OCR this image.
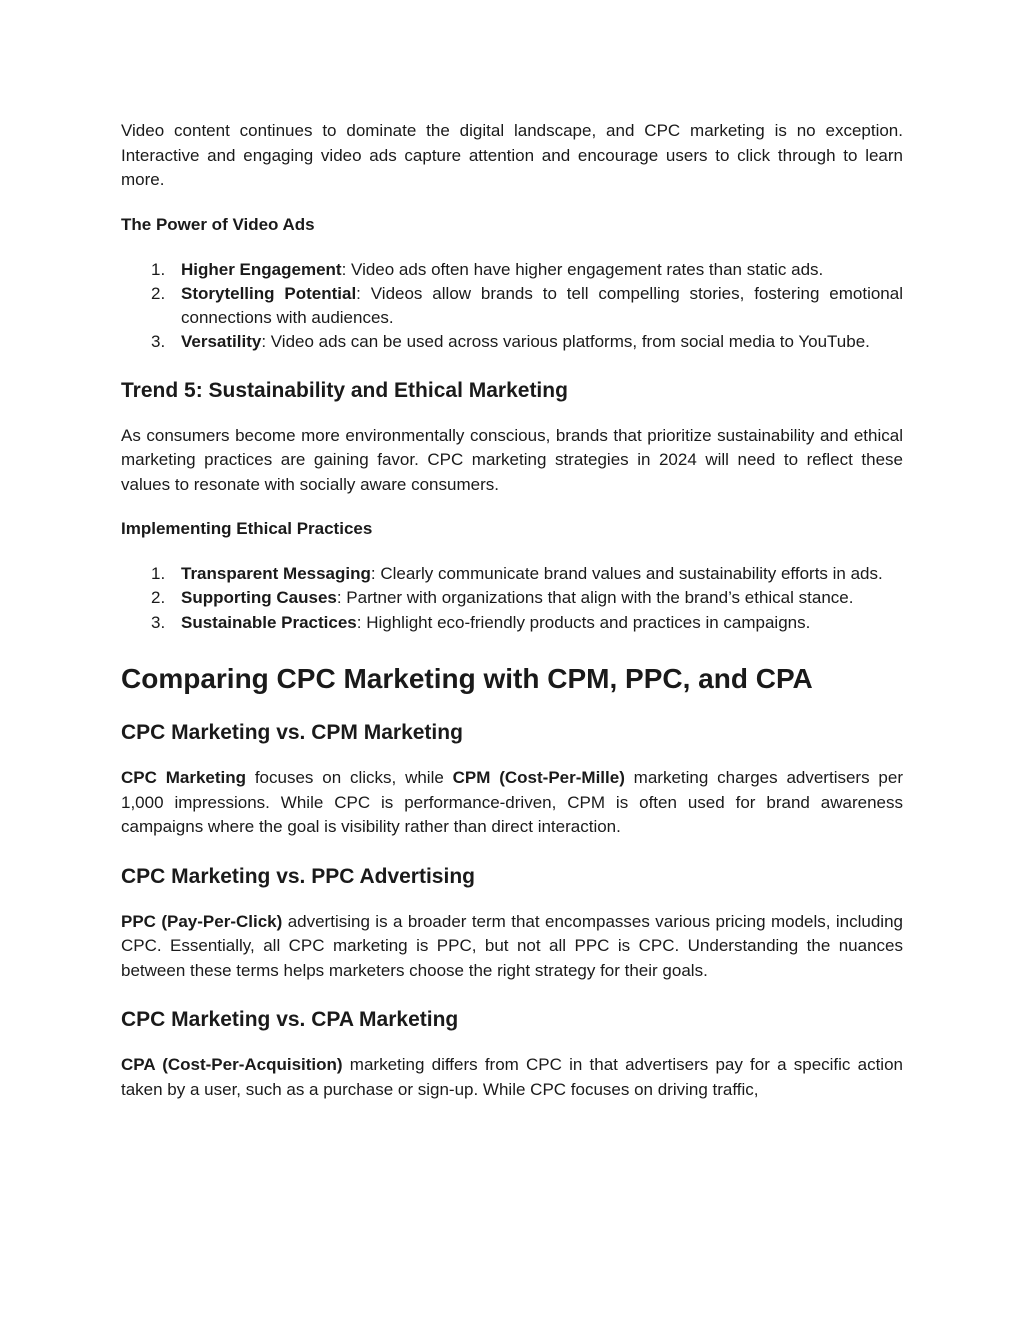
Video content continues to dominate the digital landscape, and CPC marketing is no exception. Interactive and engaging video ads capture attention and encourage users to click through to learn more.

The Power of Video Ads
1. Higher Engagement: Video ads often have higher engagement rates than static ads.
2. Storytelling Potential: Videos allow brands to tell compelling stories, fostering emotional connections with audiences.
3. Versatility: Video ads can be used across various platforms, from social media to YouTube.
Trend 5: Sustainability and Ethical Marketing

As consumers become more environmentally conscious, brands that prioritize sustainability and ethical marketing practices are gaining favor. CPC marketing strategies in 2024 will need to reflect these values to resonate with socially aware consumers.

Implementing Ethical Practices
1. Transparent Messaging: Clearly communicate brand values and sustainability efforts in ads.
2. Supporting Causes: Partner with organizations that align with the brand’s ethical stance.
3. Sustainable Practices: Highlight eco-friendly products and practices in campaigns.
Comparing CPC Marketing with CPM, PPC, and CPA
CPC Marketing vs. CPM Marketing

CPC Marketing focuses on clicks, while CPM (Cost-Per-Mille) marketing charges advertisers per 1,000 impressions. While CPC is performance-driven, CPM is often used for brand awareness campaigns where the goal is visibility rather than direct interaction.

CPC Marketing vs. PPC Advertising

PPC (Pay-Per-Click) advertising is a broader term that encompasses various pricing models, including CPC. Essentially, all CPC marketing is PPC, but not all PPC is CPC. Understanding the nuances between these terms helps marketers choose the right strategy for their goals.

CPC Marketing vs. CPA Marketing

CPA (Cost-Per-Acquisition) marketing differs from CPC in that advertisers pay for a specific action taken by a user, such as a purchase or sign-up. While CPC focuses on driving traffic,
